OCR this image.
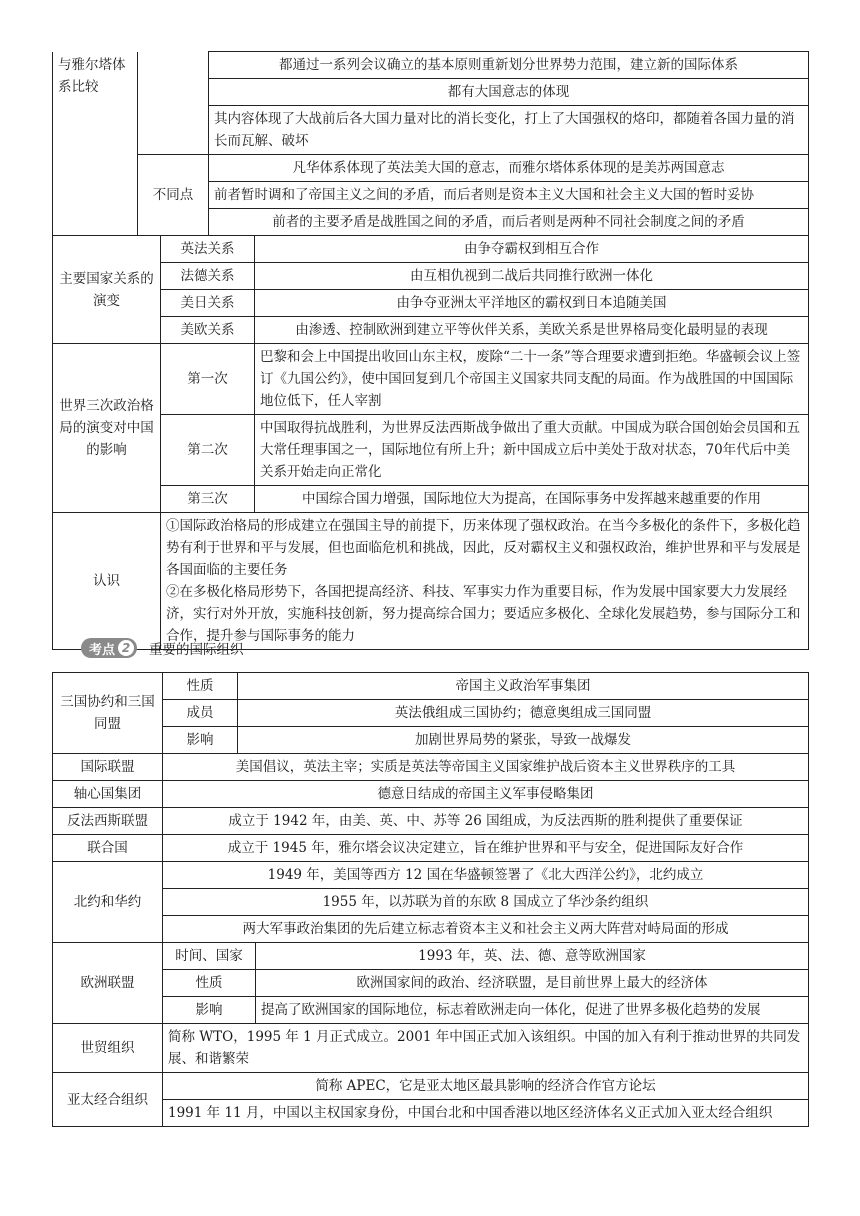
与雅尔塔体系比较			都通过一系列会议确立的基本原则重新划分世界势力范围，建立新的国际体系	
			都有大国意志的体现	
			其内容体现了大战前后各大国力量对比的消长变化，打上了大国强权的烙印，都随着各国力量的消长而瓦解、破坏	
	不同点		凡华体系体现了英法美大国的意志，而雅尔塔体系体现的是美苏两国意志	
			前者暂时调和了帝国主义之间的矛盾，而后者则是资本主义大国和社会主义大国的暂时妥协	
			前者的主要矛盾是战胜国之间的矛盾，而后者则是两种不同社会制度之间的矛盾	
主要国家关系的演变		英法关系		由争夺霸权到相互合作
		法德关系		由互相仇视到二战后共同推行欧洲一体化
		美日关系		由争夺亚洲太平洋地区的霸权到日本追随美国
		美欧关系		由渗透、控制欧洲到建立平等伙伴关系，美欧关系是世界格局变化最明显的表现
世界三次政治格局的演变对中国的影响		第一次		巴黎和会上中国提出收回山东主权，废除“二十一条”等合理要求遭到拒绝。华盛顿会议上签订《九国公约》，使中国回复到几个帝国主义国家共同支配的局面。作为战胜国的中国国际地位低下，任人宰割
		第二次		中国取得抗战胜利，为世界反法西斯战争做出了重大贡献。中国成为联合国创始会员国和五大常任理事国之一，国际地位有所上升；新中国成立后中美处于敌对状态，70年代后中美关系开始走向正常化
		第三次		中国综合国力增强，国际地位大为提高，在国际事务中发挥越来越重要的作用
认识		①国际政治格局的形成建立在强国主导的前提下，历来体现了强权政治。在当今多极化的条件下，多极化趋势有利于世界和平与发展，但也面临危机和挑战，因此，反对霸权主义和强权政治，维护世界和平与发展是各国面临的主要任务
②在多极化格局形势下，各国把提高经济、科技、军事实力作为重要目标，作为发展中国家要大力发展经济，实行对外开放，实施科技创新，努力提高综合国力；要适应多极化、全球化发展趋势，参与国际分工和合作，提升参与国际事务的能力		
考点 2 重要的国际组织
三国协约和三国同盟	性质	帝国主义政治军事集团	
	成员	英法俄组成三国协约；德意奥组成三国同盟	
	影响	加剧世界局势的紧张，导致一战爆发	
国际联盟	美国倡议，英法主宰；实质是英法等帝国主义国家维护战后资本主义世界秩序的工具		
轴心国集团	德意日结成的帝国主义军事侵略集团		
反法西斯联盟	成立于 1942 年，由美、英、中、苏等 26 国组成，为反法西斯的胜利提供了重要保证		
联合国	成立于 1945 年，雅尔塔会议决定建立，旨在维护世界和平与安全，促进国际友好合作		
北约和华约	1949 年，美国等西方 12 国在华盛顿签署了《北大西洋公约》，北约成立		
	1955 年，以苏联为首的东欧 8 国成立了华沙条约组织		
	两大军事政治集团的先后建立标志着资本主义和社会主义两大阵营对峙局面的形成		
欧洲联盟	时间、国家		1993 年，英、法、德、意等欧洲国家
	性质		欧洲国家间的政治、经济联盟，是目前世界上最大的经济体
	影响		提高了欧洲国家的国际地位，标志着欧洲走向一体化，促进了世界多极化趋势的发展
世贸组织	简称 WTO，1995 年 1 月正式成立。2001 年中国正式加入该组织。中国的加入有利于推动世界的共同发展、和谐繁荣		
亚太经合组织	简称 APEC，它是亚太地区最具影响的经济合作官方论坛		
	1991 年 11 月，中国以主权国家身份，中国台北和中国香港以地区经济体名义正式加入亚太经合组织		
